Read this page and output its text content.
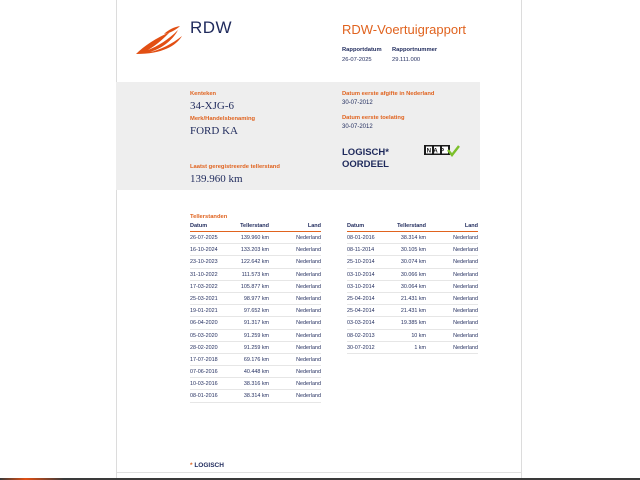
RDW	RDW-Voertuigrapport
Rapportdatum Rapportnummer
26-07-2025	29.111.000
Kenteken
34-XJG-6
Merk/Handelsbenaming
FORD KA
Laatst geregistreerde tellerstand
139.960 km
Datum eerste afgifte in Nederland
30-07-2012
Datum eerste toelating
30-07-2012
LOGISCH*
OORDEEL
NAP
Tellerstanden
Datum	Tellerstand	Land
26-07-2025	139.960 km	Nederland
16-10-2024	133.203 km	Nederland
23-10-2023	122.642 km	Nederland
31-10-2022	111.573 km	Nederland
17-03-2022	105.877 km	Nederland
25-03-2021	98.977 km	Nederland
19-01-2021	97.652 km	Nederland
06-04-2020	91.317 km	Nederland
05-03-2020	91.259 km	Nederland
28-02-2020	91.259 km	Nederland
17-07-2018	69.176 km	Nederland
07-06-2016	40.448 km	Nederland
10-03-2016	38.316 km	Nederland
08-01-2016	38.314 km	Nederland
Datum	Tellerstand	Land
08-01-2016	38.314 km	Nederland
08-11-2014	30.105 km	Nederland
25-10-2014	30.074 km	Nederland
03-10-2014	30.066 km	Nederland
03-10-2014	30.064 km	Nederland
25-04-2014	21.431 km	Nederland
25-04-2014	21.431 km	Nederland
03-03-2014	19.385 km	Nederland
08-02-2013	10 km	Nederland
30-07-2012	1 km	Nederland
* LOGISCH
